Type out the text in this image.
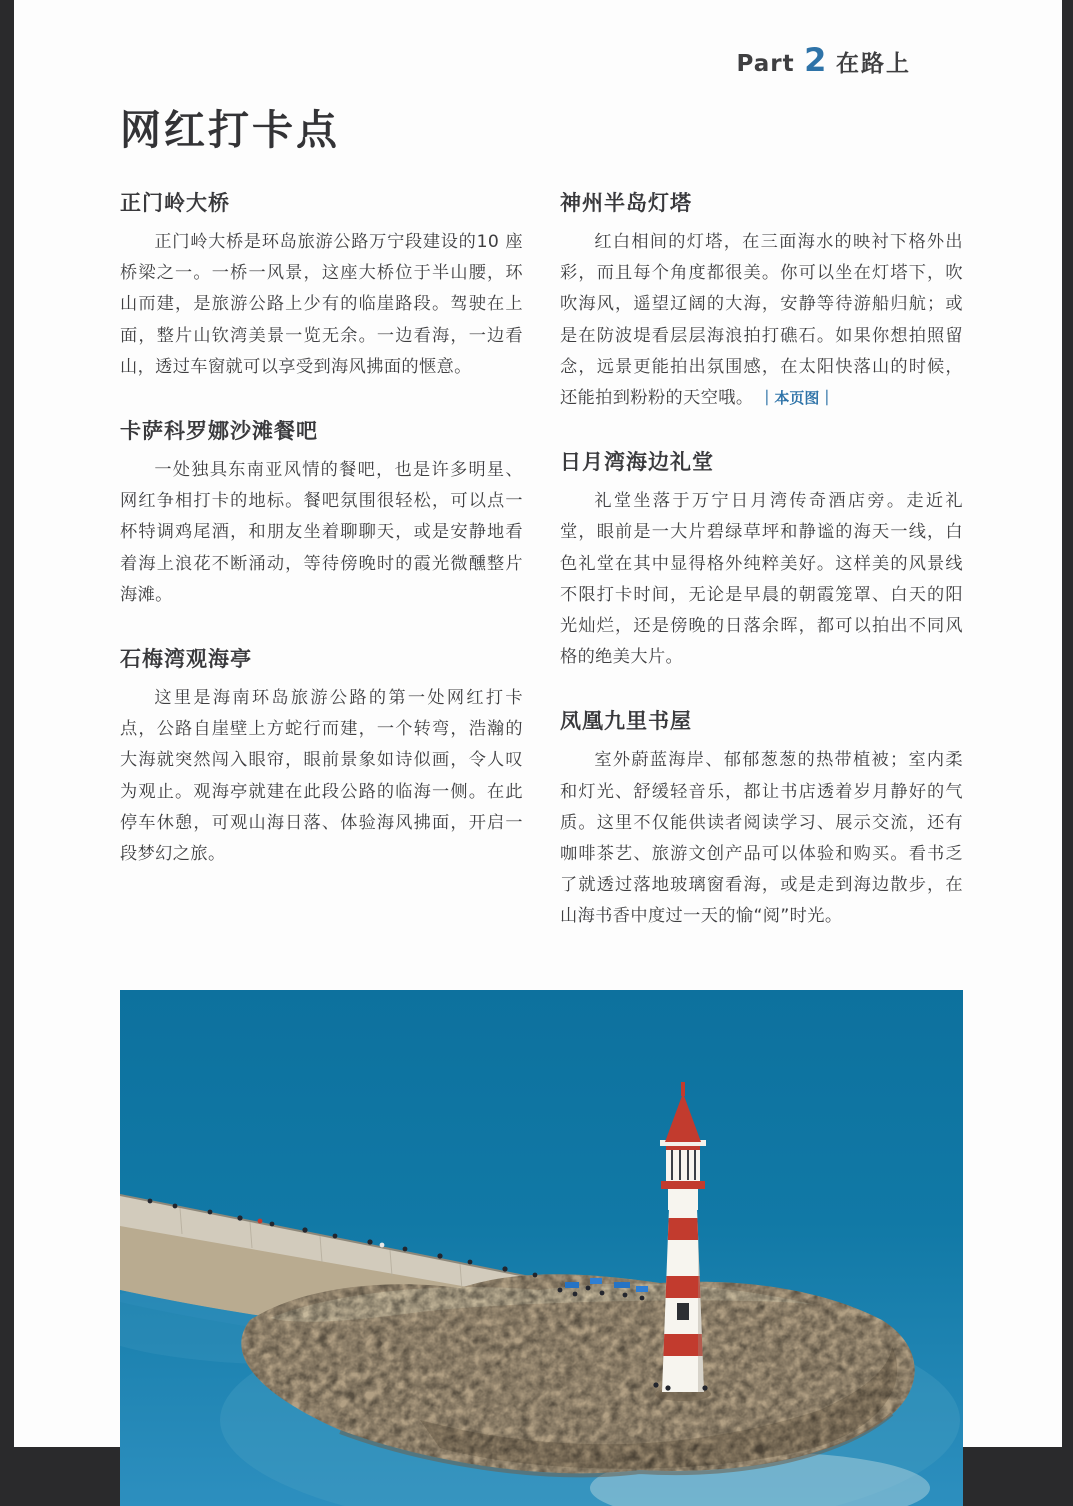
Part 2 在路上
网红打卡点
正门岭大桥

正门岭大桥是环岛旅游公路万宁段建设的10 座桥梁之一。一桥一风景，这座大桥位于半山腰，环山而建，是旅游公路上少有的临崖路段。驾驶在上面，整片山钦湾美景一览无余。一边看海，一边看山，透过车窗就可以享受到海风拂面的惬意。

卡萨科罗娜沙滩餐吧

一处独具东南亚风情的餐吧，也是许多明星、网红争相打卡的地标。餐吧氛围很轻松，可以点一杯特调鸡尾酒，和朋友坐着聊聊天，或是安静地看着海上浪花不断涌动，等待傍晚时的霞光微醺整片海滩。

石梅湾观海亭

这里是海南环岛旅游公路的第一处网红打卡点，公路自崖壁上方蛇行而建，一个转弯，浩瀚的大海就突然闯入眼帘，眼前景象如诗似画，令人叹为观止。观海亭就建在此段公路的临海一侧。在此停车休憩，可观山海日落、体验海风拂面，开启一段梦幻之旅。

神州半岛灯塔

红白相间的灯塔，在三面海水的映衬下格外出彩，而且每个角度都很美。你可以坐在灯塔下，吹吹海风，遥望辽阔的大海，安静等待游船归航；或是在防波堤看层层海浪拍打礁石。如果你想拍照留念，远景更能拍出氛围感，在太阳快落山的时候，还能拍到粉粉的天空哦。 ｜本页图｜

日月湾海边礼堂

礼堂坐落于万宁日月湾传奇酒店旁。走近礼堂，眼前是一大片碧绿草坪和静谧的海天一线，白色礼堂在其中显得格外纯粹美好。这样美的风景线不限打卡时间，无论是早晨的朝霞笼罩、白天的阳光灿烂，还是傍晚的日落余晖，都可以拍出不同风格的绝美大片。

凤凰九里书屋

室外蔚蓝海岸、郁郁葱葱的热带植被；室内柔和灯光、舒缓轻音乐，都让书店透着岁月静好的气质。这里不仅能供读者阅读学习、展示交流，还有咖啡茶艺、旅游文创产品可以体验和购买。看书乏了就透过落地玻璃窗看海，或是走到海边散步，在山海书香中度过一天的愉“阅”时光。
